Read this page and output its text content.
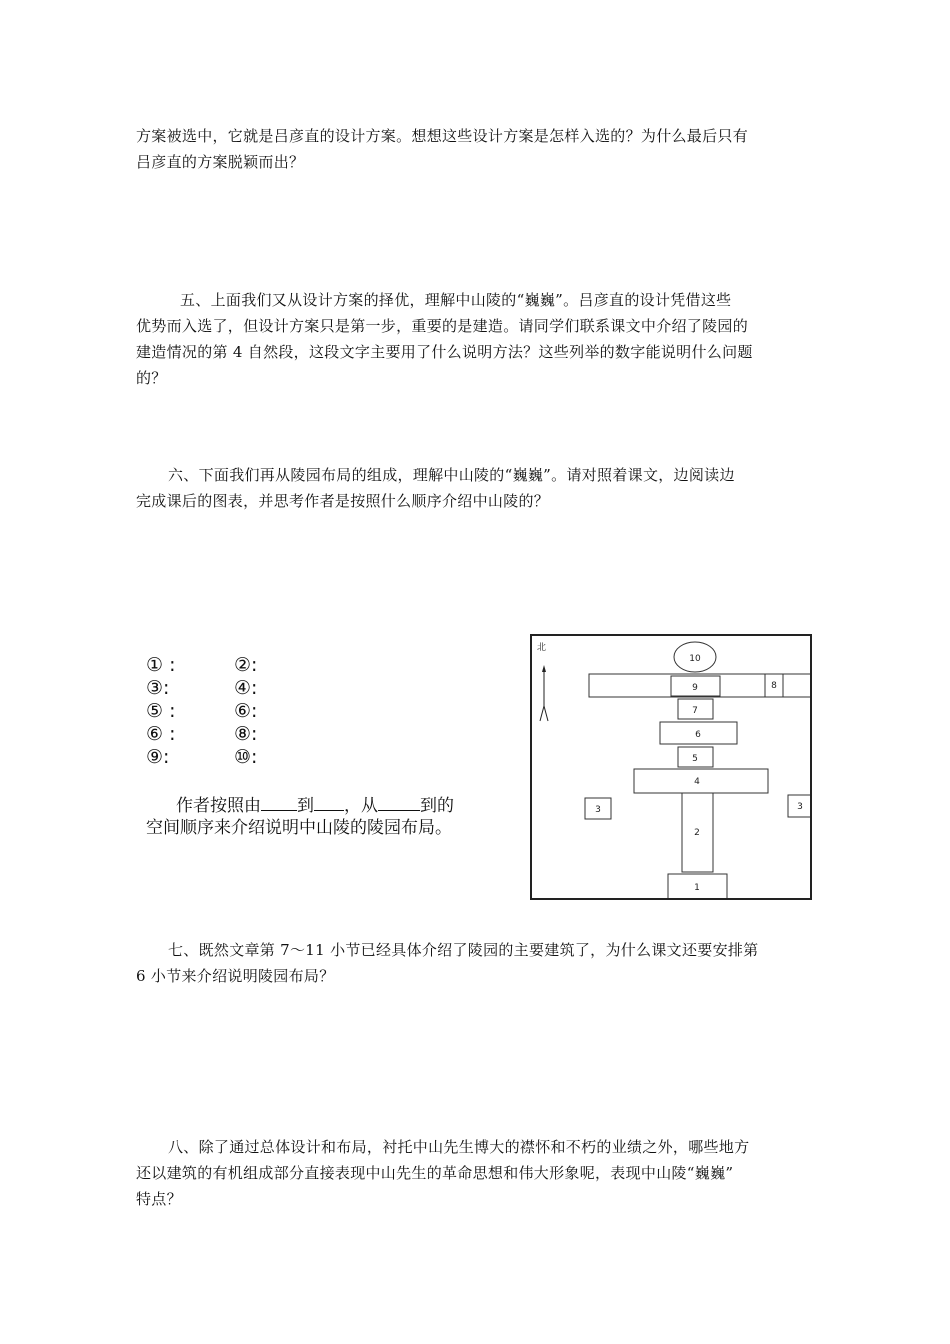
方案被选中，它就是吕彦直的设计方案。想想这些设计方案是怎样入选的？为什么最后只有

吕彦直的方案脱颖而出？

五、上面我们又从设计方案的择优，理解中山陵的“巍巍”。吕彦直的设计凭借这些

优势而入选了，但设计方案只是第一步，重要的是建造。请同学们联系课文中介绍了陵园的

建造情况的第 4 自然段，这段文字主要用了什么说明方法？这些列举的数字能说明什么问题

的？

六、下面我们再从陵园布局的组成，理解中山陵的“巍巍”。请对照着课文，边阅读边

完成课后的图表，并思考作者是按照什么顺序介绍中山陵的？

① :	②:
③:	④:
⑤ :	⑥:
⑥ :	⑧:
⑨:	⑩:
作者按照由 到 ，从 到的空间顺序来介绍说明中山陵的陵园布局。
北
10
9	8
7
6
5
4
3	3
2
1

七、既然文章第 7～11 小节已经具体介绍了陵园的主要建筑了，为什么课文还要安排第

6 小节来介绍说明陵园布局？

八、除了通过总体设计和布局，衬托中山先生博大的襟怀和不朽的业绩之外，哪些地方

还以建筑的有机组成部分直接表现中山先生的革命思想和伟大形象呢，表现中山陵“巍巍”

特点？
